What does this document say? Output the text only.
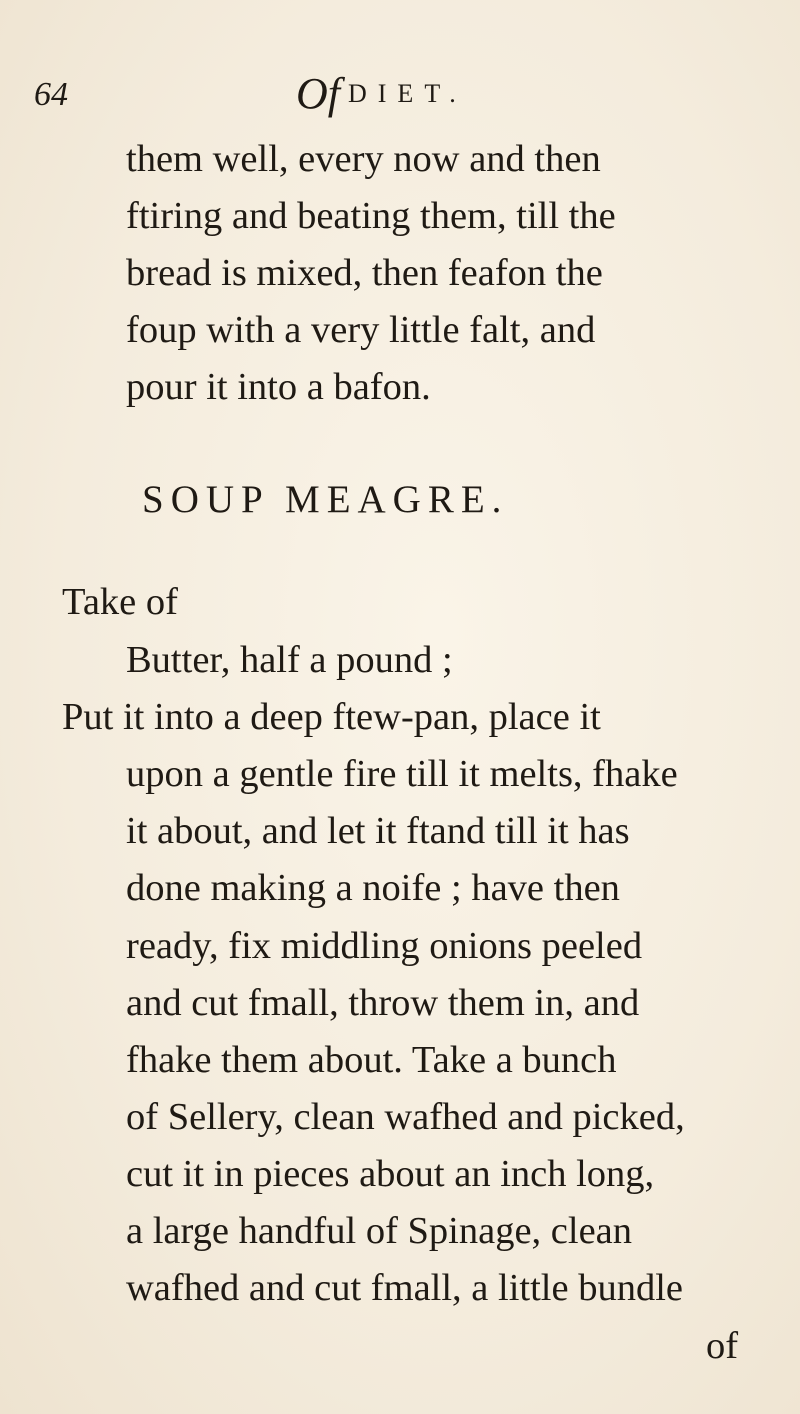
64	Of DIET.
them well, every now and then
ftiring and beating them, till the
bread is mixed, then feafon the
foup with a very little falt, and
pour it into a bafon.
SOUP MEAGRE.
Take of
Butter, half a pound ;
Put it into a deep ftew-pan, place it
upon a gentle fire till it melts, fhake
it about, and let it ftand till it has
done making a noife ; have then
ready, fix middling onions peeled
and cut fmall, throw them in, and
fhake them about. Take a bunch
of Sellery, clean wafhed and picked,
cut it in pieces about an inch long,
a large handful of Spinage, clean
wafhed and cut fmall, a little bundle
of
